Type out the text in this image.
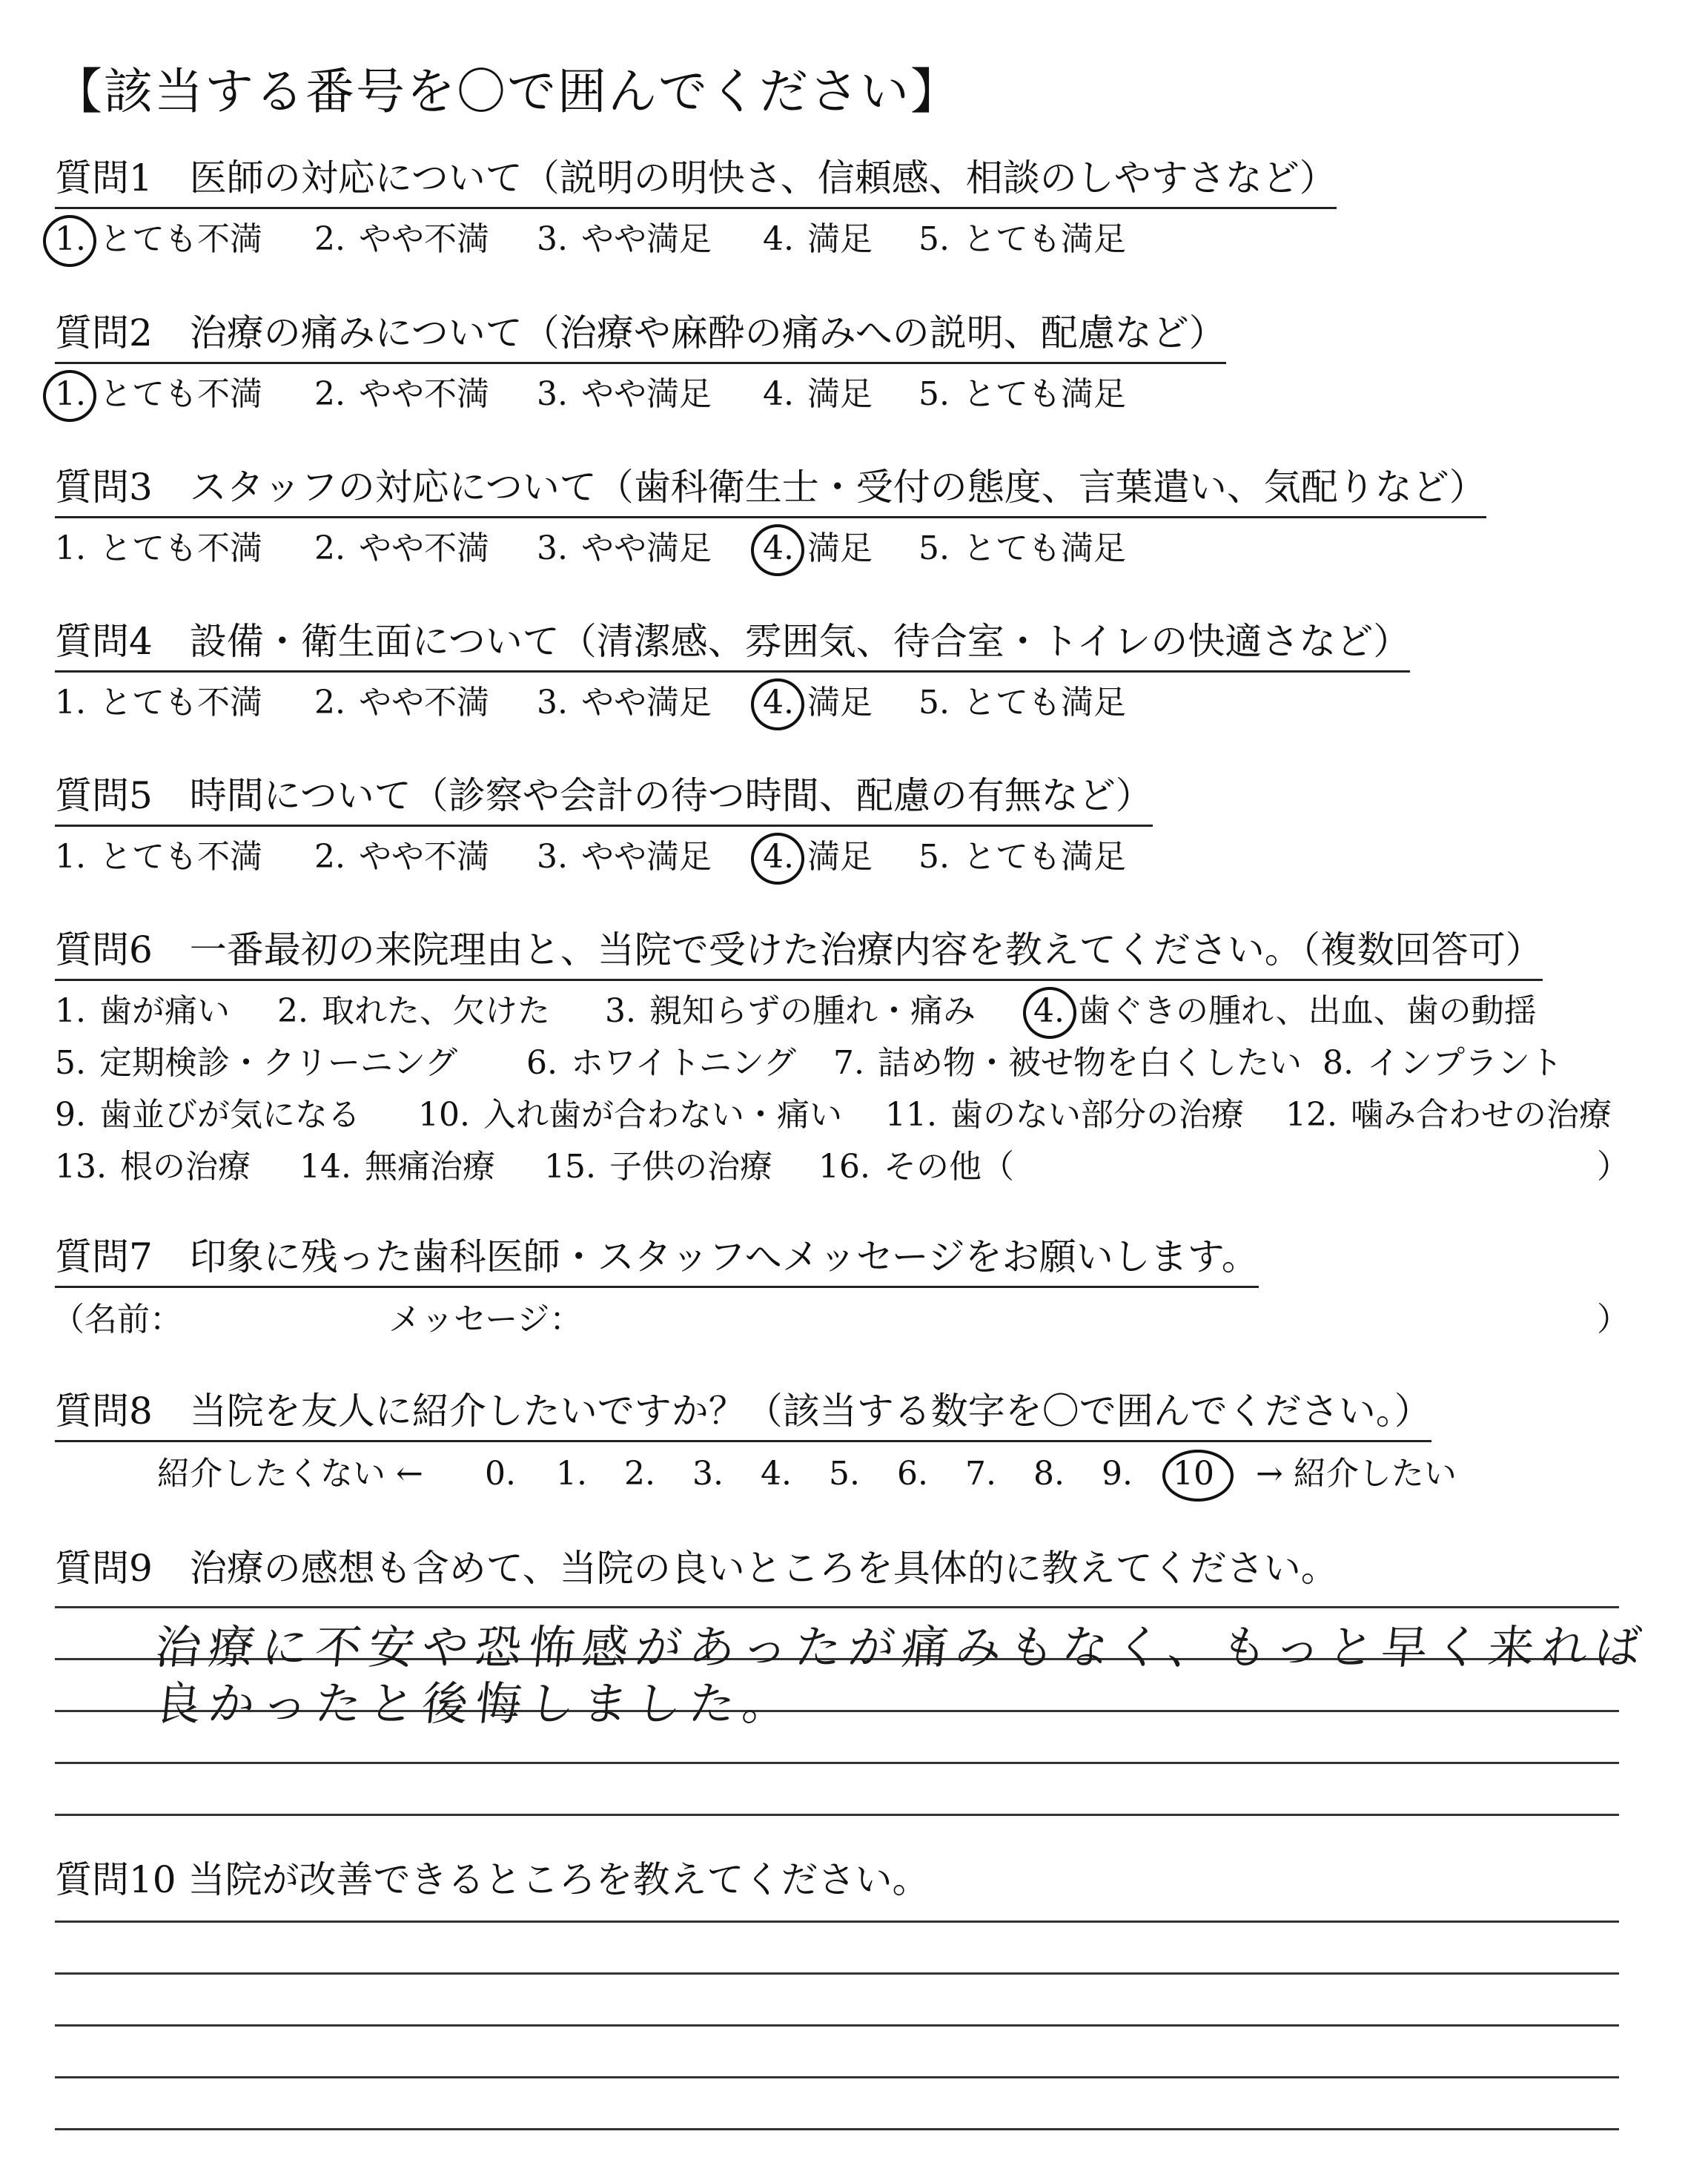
【該当する番号を〇で囲んでください】
質問1　医師の対応について（説明の明快さ、信頼感、相談のしやすさなど）
1. とても不満 2. やや不満 3. やや満足 4. 満足 5. とても満足
質問2　治療の痛みについて（治療や麻酔の痛みへの説明、配慮など）
1. とても不満 2. やや不満 3. やや満足 4. 満足 5. とても満足
質問3　スタッフの対応について（歯科衛生士・受付の態度、言葉遣い、気配りなど）
1. とても不満 2. やや不満 3. やや満足 4. 満足 5. とても満足
質問4　設備・衛生面について（清潔感、雰囲気、待合室・トイレの快適さなど）
1. とても不満 2. やや不満 3. やや満足 4. 満足 5. とても満足
質問5　時間について（診察や会計の待つ時間、配慮の有無など）
1. とても不満 2. やや不満 3. やや満足 4. 満足 5. とても満足
質問6　一番最初の来院理由と、当院で受けた治療内容を教えてください。（複数回答可）
1. 歯が痛い 2. 取れた、欠けた 3. 親知らずの腫れ・痛み 4. 歯ぐきの腫れ、出血、歯の動揺
5. 定期検診・クリーニング 6. ホワイトニング 7. 詰め物・被せ物を白くしたい 8. インプラント
9. 歯並びが気になる 10. 入れ歯が合わない・痛い 11. 歯のない部分の治療 12. 噛み合わせの治療
13. 根の治療 14. 無痛治療 15. 子供の治療 16. その他（	）
質問7　印象に残った歯科医師・スタッフへメッセージをお願いします。
（名前：	メッセージ：	）
質問8　当院を友人に紹介したいですか？（該当する数字を〇で囲んでください。）
紹介したくない ← 0. 1. 2. 3. 4. 5. 6. 7. 8. 9. 10 → 紹介したい
質問9　治療の感想も含めて、当院の良いところを具体的に教えてください。
治療に不安や恐怖感があったが痛みもなく、もっと早く来れば
良かったと後悔しました。
質問10 当院が改善できるところを教えてください。
